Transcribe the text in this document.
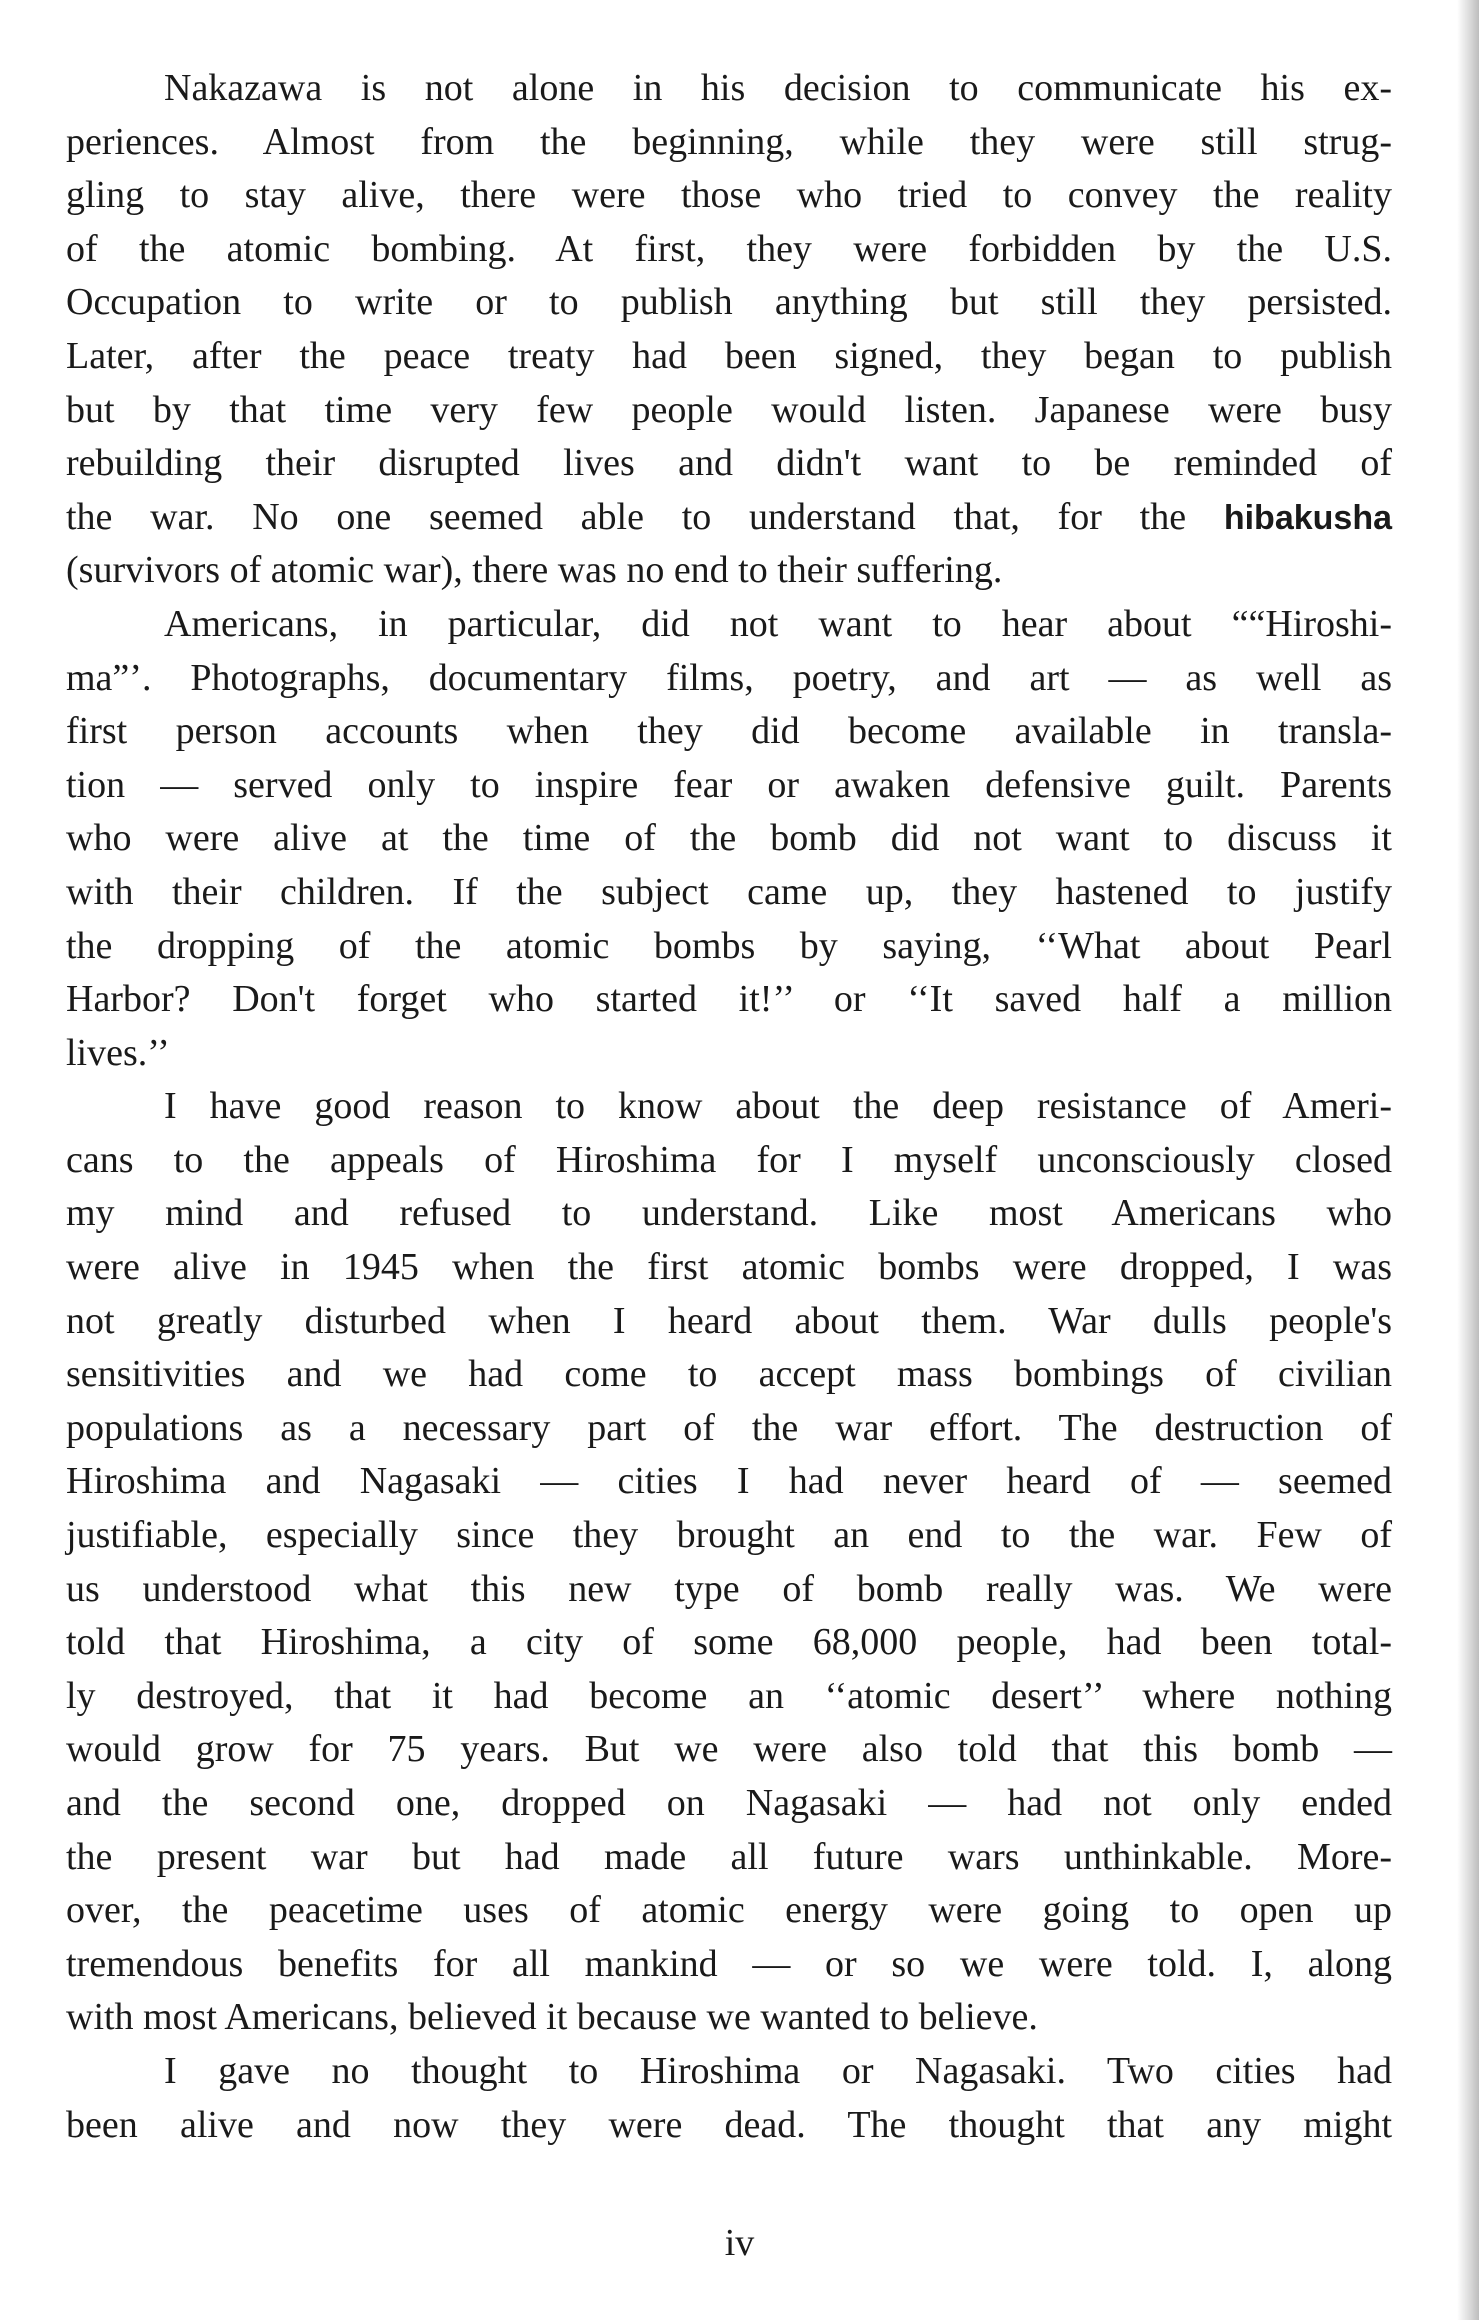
Nakazawa is not alone in his decision to communicate his ex-
periences. Almost from the beginning, while they were still strug-
gling to stay alive, there were those who tried to convey the reality
of the atomic bombing. At first, they were forbidden by the U.S.
Occupation to write or to publish anything but still they persisted.
Later, after the peace treaty had been signed, they began to publish
but by that time very few people would listen. Japanese were busy
rebuilding their disrupted lives and didn't want to be reminded of
the war. No one seemed able to understand that, for the hibakusha
(survivors of atomic war), there was no end to their suffering.
Americans, in particular, did not want to hear about ““Hiroshi-
ma”’. Photographs, documentary films, poetry, and art — as well as
first person accounts when they did become available in transla-
tion — served only to inspire fear or awaken defensive guilt. Parents
who were alive at the time of the bomb did not want to discuss it
with their children. If the subject came up, they hastened to justify
the dropping of the atomic bombs by saying, ‘‘What about Pearl
Harbor? Don't forget who started it!’’ or ‘‘It saved half a million
lives.’’
I have good reason to know about the deep resistance of Ameri-
cans to the appeals of Hiroshima for I myself unconsciously closed
my mind and refused to understand. Like most Americans who
were alive in 1945 when the first atomic bombs were dropped, I was
not greatly disturbed when I heard about them. War dulls people's
sensitivities and we had come to accept mass bombings of civilian
populations as a necessary part of the war effort. The destruction of
Hiroshima and Nagasaki — cities I had never heard of — seemed
justifiable, especially since they brought an end to the war. Few of
us understood what this new type of bomb really was. We were
told that Hiroshima, a city of some 68,000 people, had been total-
ly destroyed, that it had become an ‘‘atomic desert’’ where nothing
would grow for 75 years. But we were also told that this bomb —
and the second one, dropped on Nagasaki — had not only ended
the present war but had made all future wars unthinkable. More-
over, the peacetime uses of atomic energy were going to open up
tremendous benefits for all mankind — or so we were told. I, along
with most Americans, believed it because we wanted to believe.
I gave no thought to Hiroshima or Nagasaki. Two cities had
been alive and now they were dead. The thought that any might
iv
